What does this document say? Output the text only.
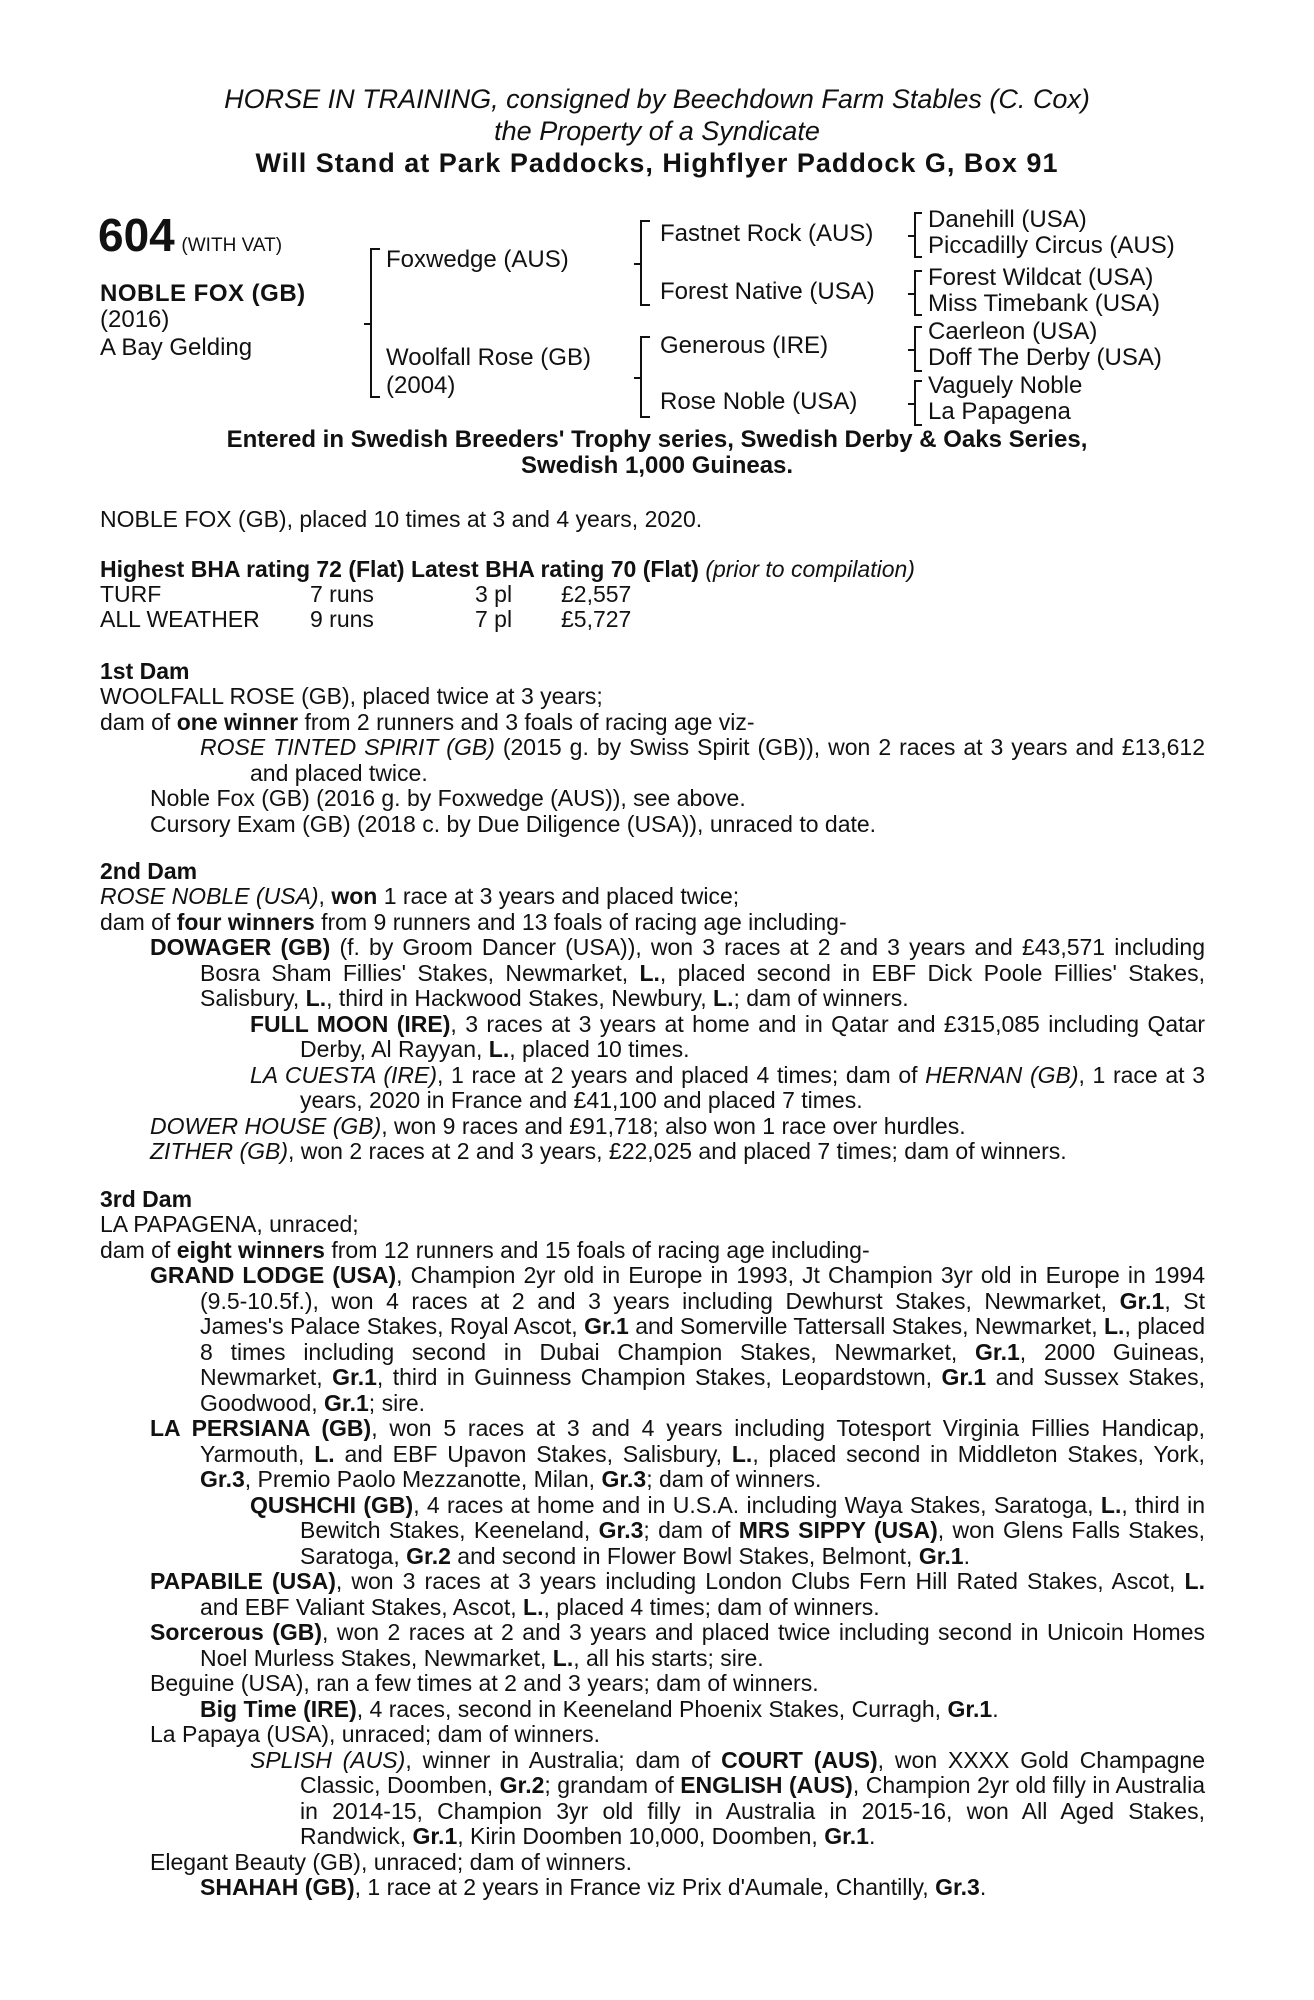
HORSE IN TRAINING, consigned by Beechdown Farm Stables (C. Cox)
the Property of a Syndicate
Will Stand at Park Paddocks, Highflyer Paddock G, Box 91
604 (WITH VAT)
NOBLE FOX (GB)
(2016)
A Bay Gelding
Foxwedge (AUS)
Woolfall Rose (GB)
(2004)
Fastnet Rock (AUS)
Forest Native (USA)
Generous (IRE)
Rose Noble (USA)
Danehill (USA)
Piccadilly Circus (AUS)
Forest Wildcat (USA)
Miss Timebank (USA)
Caerleon (USA)
Doff The Derby (USA)
Vaguely Noble
La Papagena
Entered in Swedish Breeders' Trophy series, Swedish Derby & Oaks Series,
Swedish 1,000 Guineas.
NOBLE FOX (GB), placed 10 times at 3 and 4 years, 2020.
Highest BHA rating 72 (Flat) Latest BHA rating 70 (Flat) (prior to compilation)
TURF	7 runs	3 pl	£2,557
ALL WEATHER	9 runs	7 pl	£5,727
1st Dam

WOOLFALL ROSE (GB), placed twice at 3 years;

dam of one winner from 2 runners and 3 foals of racing age viz-

ROSE TINTED SPIRIT (GB) (2015 g. by Swiss Spirit (GB)), won 2 races at 3 years and £13,612 and placed twice.

Noble Fox (GB) (2016 g. by Foxwedge (AUS)), see above.

Cursory Exam (GB) (2018 c. by Due Diligence (USA)), unraced to date.

2nd Dam

ROSE NOBLE (USA), won 1 race at 3 years and placed twice;

dam of four winners from 9 runners and 13 foals of racing age including-

DOWAGER (GB) (f. by Groom Dancer (USA)), won 3 races at 2 and 3 years and £43,571 including Bosra Sham Fillies' Stakes, Newmarket, L., placed second in EBF Dick Poole Fillies' Stakes, Salisbury, L., third in Hackwood Stakes, Newbury, L.; dam of winners.

FULL MOON (IRE), 3 races at 3 years at home and in Qatar and £315,085 including Qatar Derby, Al Rayyan, L., placed 10 times.

LA CUESTA (IRE), 1 race at 2 years and placed 4 times; dam of HERNAN (GB), 1 race at 3 years, 2020 in France and £41,100 and placed 7 times.

DOWER HOUSE (GB), won 9 races and £91,718; also won 1 race over hurdles.

ZITHER (GB), won 2 races at 2 and 3 years, £22,025 and placed 7 times; dam of winners.

3rd Dam

LA PAPAGENA, unraced;

dam of eight winners from 12 runners and 15 foals of racing age including-

GRAND LODGE (USA), Champion 2yr old in Europe in 1993, Jt Champion 3yr old in Europe in 1994 (9.5-10.5f.), won 4 races at 2 and 3 years including Dewhurst Stakes, Newmarket, Gr.1, St James's Palace Stakes, Royal Ascot, Gr.1 and Somerville Tattersall Stakes, Newmarket, L., placed 8 times including second in Dubai Champion Stakes, Newmarket, Gr.1, 2000 Guineas, Newmarket, Gr.1, third in Guinness Champion Stakes, Leopardstown, Gr.1 and Sussex Stakes, Goodwood, Gr.1; sire.

LA PERSIANA (GB), won 5 races at 3 and 4 years including Totesport Virginia Fillies Handicap, Yarmouth, L. and EBF Upavon Stakes, Salisbury, L., placed second in Middleton Stakes, York, Gr.3, Premio Paolo Mezzanotte, Milan, Gr.3; dam of winners.

QUSHCHI (GB), 4 races at home and in U.S.A. including Waya Stakes, Saratoga, L., third in Bewitch Stakes, Keeneland, Gr.3; dam of MRS SIPPY (USA), won Glens Falls Stakes, Saratoga, Gr.2 and second in Flower Bowl Stakes, Belmont, Gr.1.

PAPABILE (USA), won 3 races at 3 years including London Clubs Fern Hill Rated Stakes, Ascot, L. and EBF Valiant Stakes, Ascot, L., placed 4 times; dam of winners.

Sorcerous (GB), won 2 races at 2 and 3 years and placed twice including second in Unicoin Homes Noel Murless Stakes, Newmarket, L., all his starts; sire.

Beguine (USA), ran a few times at 2 and 3 years; dam of winners.

Big Time (IRE), 4 races, second in Keeneland Phoenix Stakes, Curragh, Gr.1.

La Papaya (USA), unraced; dam of winners.

SPLISH (AUS), winner in Australia; dam of COURT (AUS), won XXXX Gold Champagne Classic, Doomben, Gr.2; grandam of ENGLISH (AUS), Champion 2yr old filly in Australia in 2014-15, Champion 3yr old filly in Australia in 2015-16, won All Aged Stakes, Randwick, Gr.1, Kirin Doomben 10,000, Doomben, Gr.1.

Elegant Beauty (GB), unraced; dam of winners.

SHAHAH (GB), 1 race at 2 years in France viz Prix d'Aumale, Chantilly, Gr.3.
